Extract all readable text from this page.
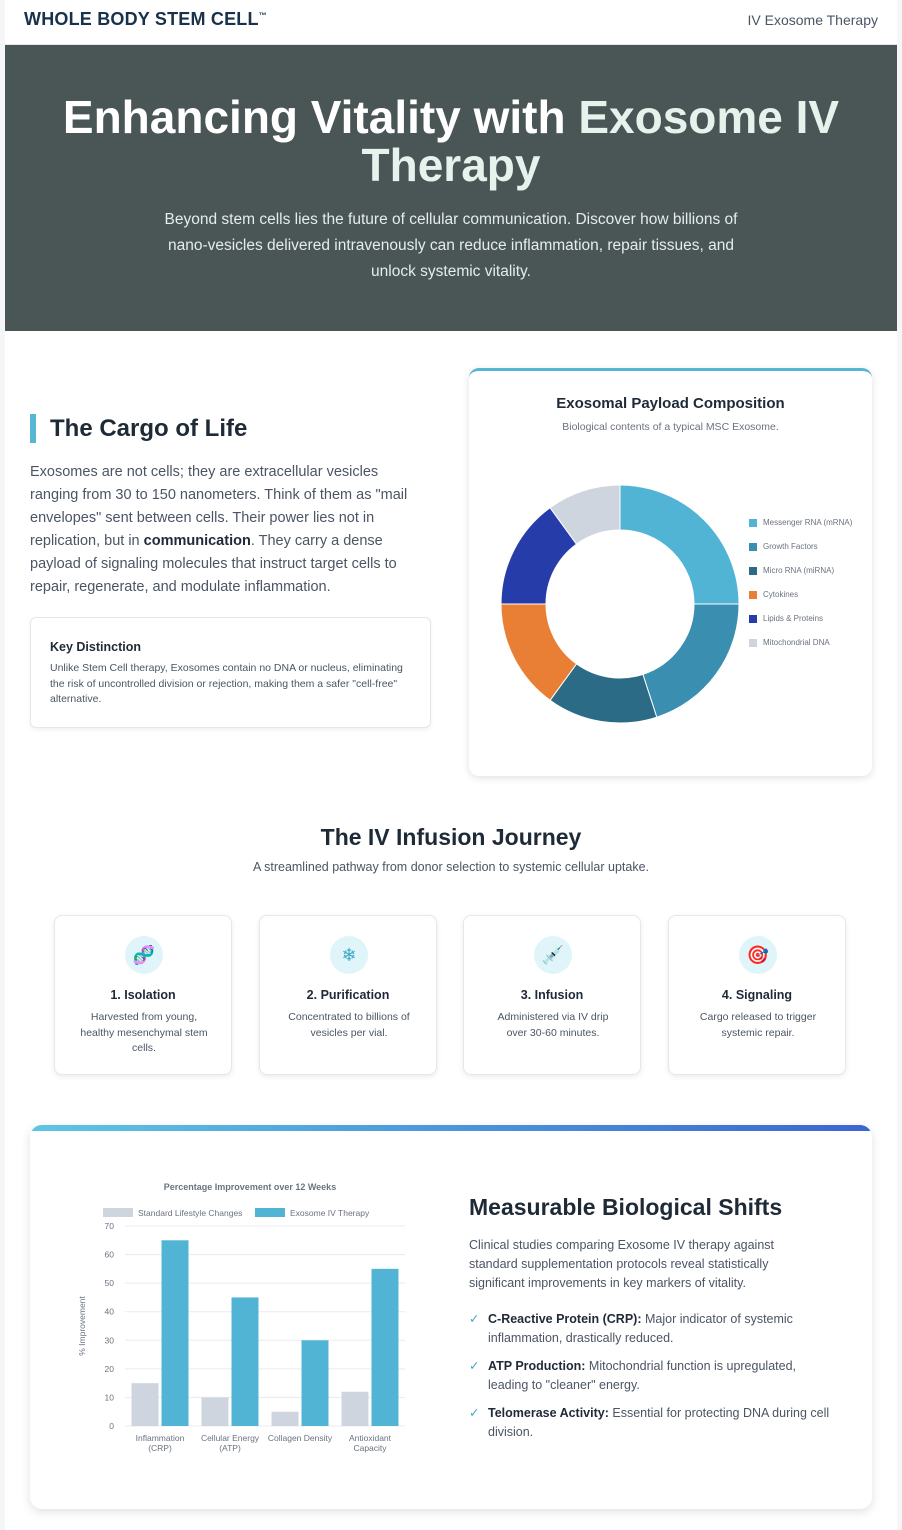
WHOLE BODY STEM CELL™	IV Exosome Therapy
Enhancing Vitality with Exosome IV
Therapy

Beyond stem cells lies the future of cellular communication. Discover how billions of nano-vesicles delivered intravenously can reduce inflammation, repair tissues, and unlock systemic vitality.

The Cargo of Life

Exosomes are not cells; they are extracellular vesicles ranging from 30 to 150 nanometers. Think of them as "mail envelopes" sent between cells. Their power lies not in replication, but in communication. They carry a dense payload of signaling molecules that instruct target cells to repair, regenerate, and modulate inflammation.

Key Distinction

Unlike Stem Cell therapy, Exosomes contain no DNA or nucleus, eliminating the risk of uncontrolled division or rejection, making them a safer "cell-free" alternative.

Exosomal Payload Composition
Biological contents of a typical MSC Exosome.
Messenger RNA (mRNA)
Growth Factors
Micro RNA (miRNA)
Cytokines
Lipids & Proteins
Mitochondrial DNA
The IV Infusion Journey
A streamlined pathway from donor selection to systemic cellular uptake.
🧬
1. Isolation

Harvested from young, healthy mesenchymal stem cells.

❄
2. Purification

Concentrated to billions of vesicles per vial.

💉
3. Infusion

Administered via IV drip over 30-60 minutes.

🎯
4. Signaling

Cargo released to trigger systemic repair.

Percentage Improvement over 12 Weeks
Standard Lifestyle Changes	Exosome IV Therapy
0
10
20
30
40
50
60
70
% Improvement
Inflammation (CRP)
Cellular Energy (ATP)
Collagen Density Antioxidant Capacity
Measurable Biological Shifts

Clinical studies comparing Exosome IV therapy against standard supplementation protocols reveal statistically significant improvements in key markers of vitality.

✓ C-Reactive Protein (CRP): Major indicator of systemic inflammation, drastically reduced.
✓ ATP Production: Mitochondrial function is upregulated, leading to "cleaner" energy.
✓ Telomerase Activity: Essential for protecting DNA during cell division.
